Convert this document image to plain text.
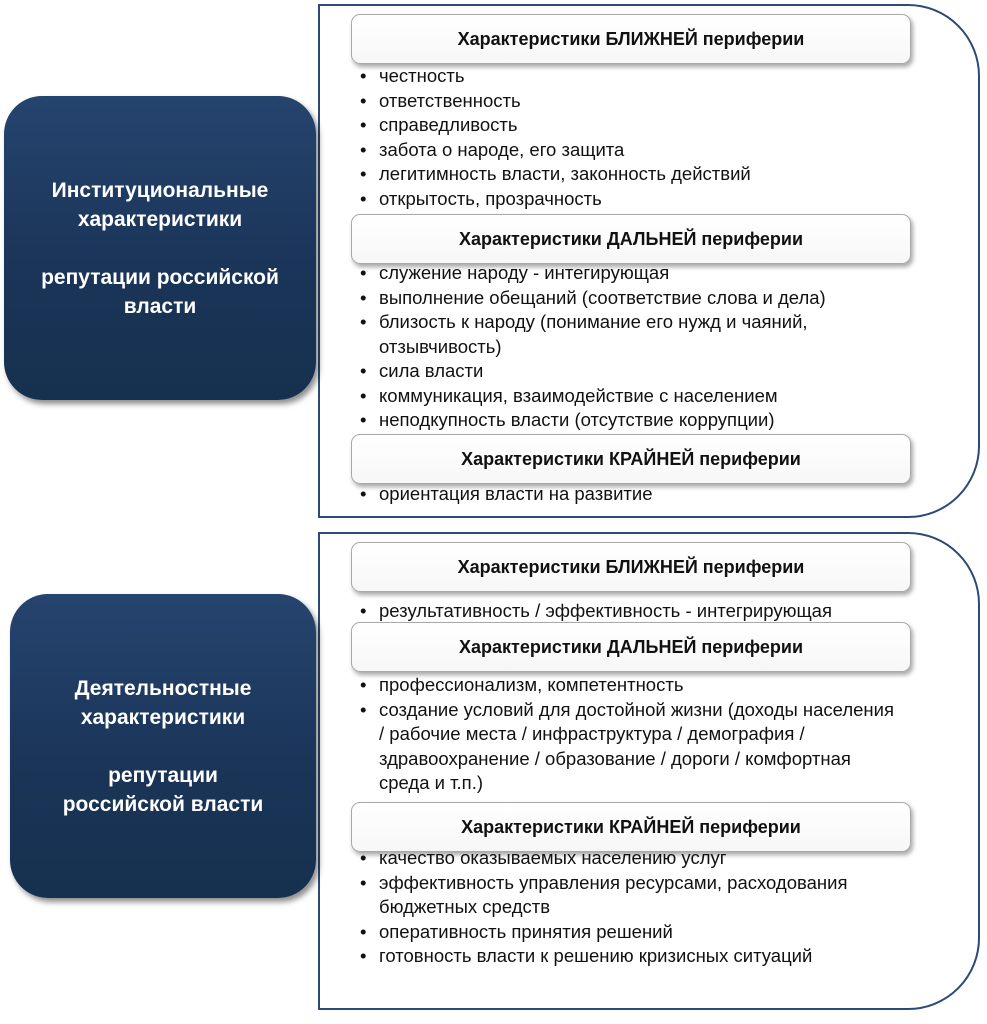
Институциональные
характеристики
репутации российской
власти
Характеристики БЛИЖНЕЙ периферии
• честность
• ответственность
• справедливость
• забота о народе, его защита
• легитимность власти, законность действий
• открытость, прозрачность
Характеристики ДАЛЬНЕЙ периферии
• служение народу - интегирующая
• выполнение обещаний (соответствие слова и дела)
• близость к народу (понимание его нужд и чаяний, отзывчивость)
• сила власти
• коммуникация, взаимодействие с населением
• неподкупность власти (отсутствие коррупции)
Характеристики КРАЙНЕЙ периферии
• ориентация власти на развитие
Деятельностные
характеристики
репутации
российской власти
Характеристики БЛИЖНЕЙ периферии
• результативность / эффективность - интегрирующая
Характеристики ДАЛЬНЕЙ периферии
• профессионализм, компетентность
• создание условий для достойной жизни (доходы населения / рабочие места / инфраструктура / демография / здравоохранение / образование / дороги / комфортная среда и т.п.)
Характеристики КРАЙНЕЙ периферии
• качество оказываемых населению услуг
• эффективность управления ресурсами, расходования бюджетных средств
• оперативность принятия решений
• готовность власти к решению кризисных ситуаций
